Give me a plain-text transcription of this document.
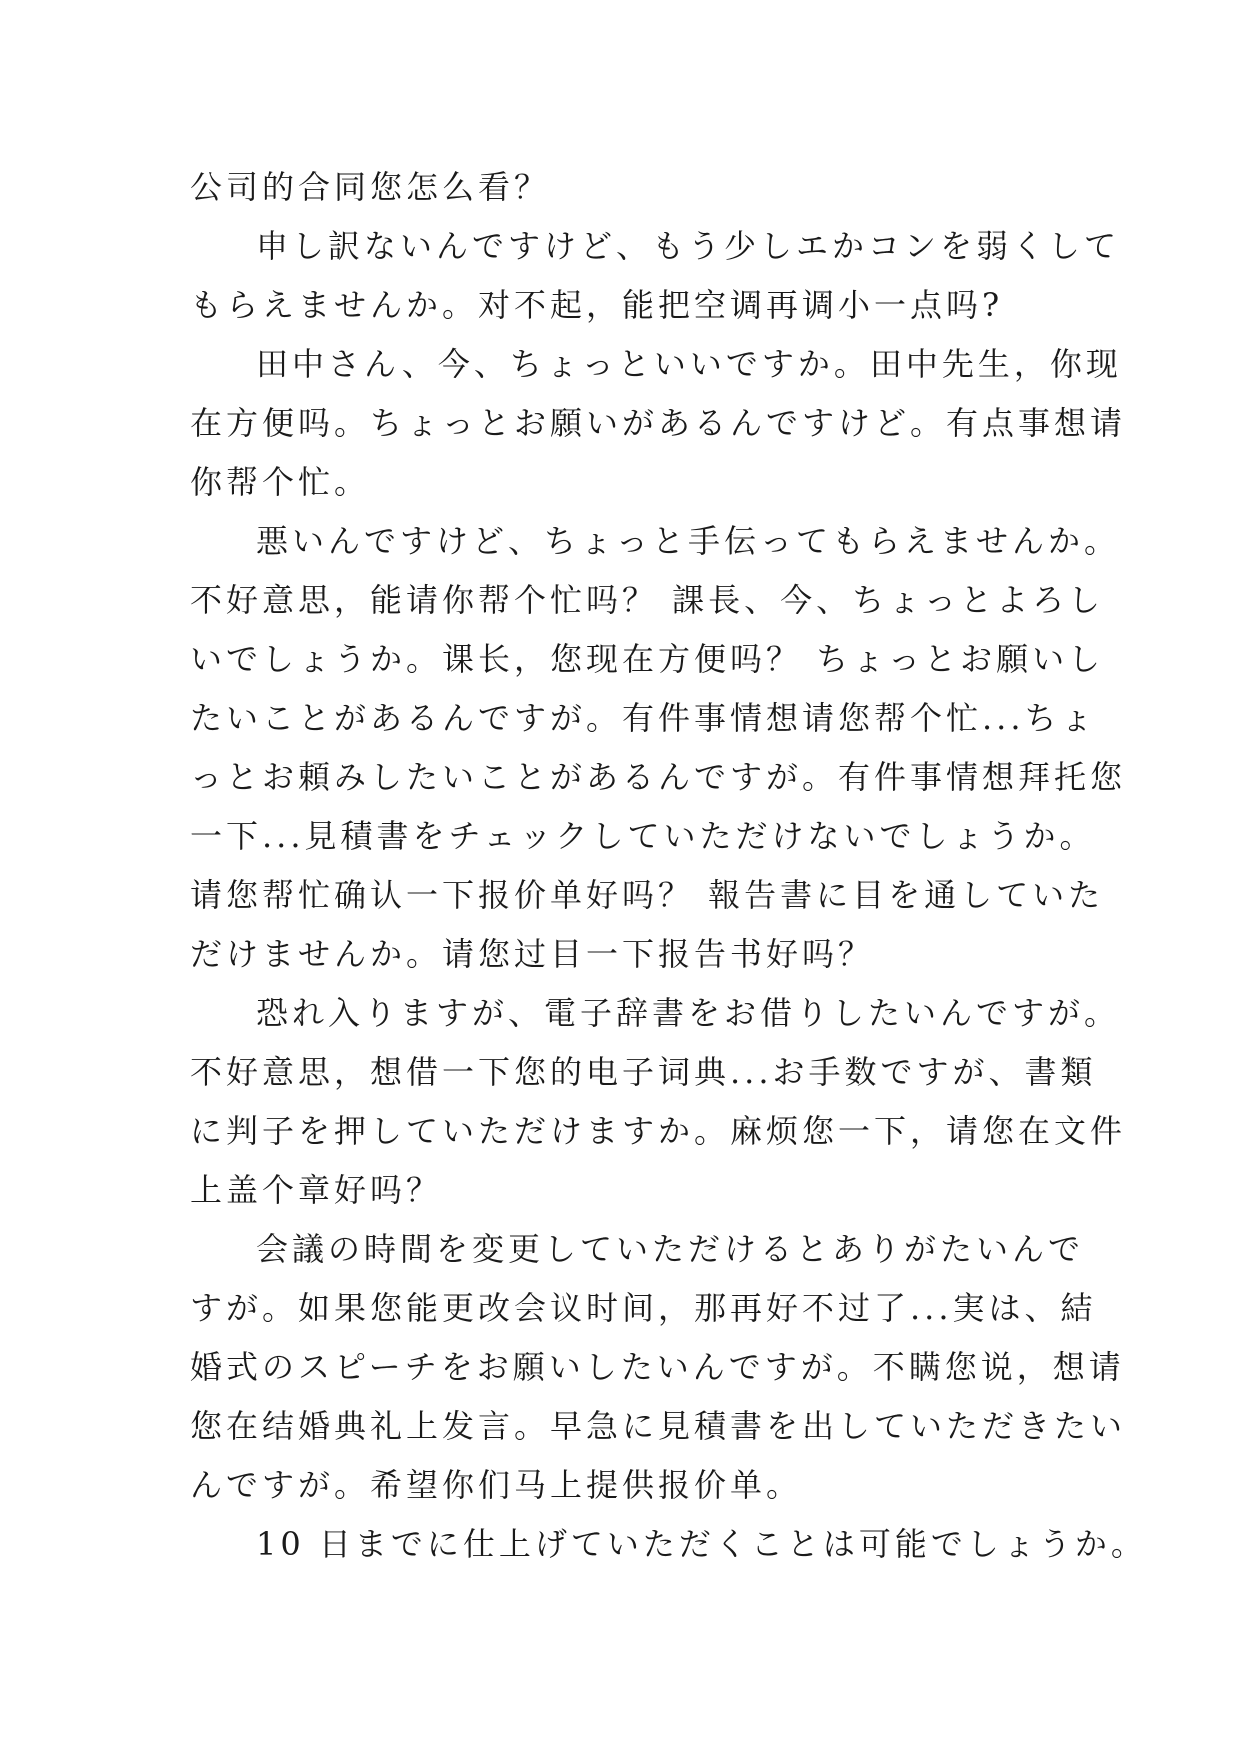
公司的合同您怎么看？
申し訳ないんですけど、もう少しエかコンを弱くして
もらえませんか。对不起，能把空调再调小一点吗?
田中さん、今、ちょっといいですか。田中先生，你现
在方便吗。ちょっとお願いがあるんですけど。有点事想请
你帮个忙。
悪いんですけど、ちょっと手伝ってもらえませんか。
不好意思，能请你帮个忙吗？ 課長、今、ちょっとよろし
いでしょうか。课长，您现在方便吗？ ちょっとお願いし
たいことがあるんですが。有件事情想请您帮个忙...ちょ
っとお頼みしたいことがあるんですが。有件事情想拜托您
一下...見積書をチェックしていただけないでしょうか。
请您帮忙确认一下报价单好吗？ 報告書に目を通していた
だけませんか。请您过目一下报告书好吗？
恐れ入りますが、電子辞書をお借りしたいんですが。
不好意思，想借一下您的电子词典...お手数ですが、書類
に判子を押していただけますか。麻烦您一下，请您在文件
上盖个章好吗？
会議の時間を変更していただけるとありがたいんで
すが。如果您能更改会议时间，那再好不过了...実は、結
婚式のスピーチをお願いしたいんですが。不瞒您说，想请
您在结婚典礼上发言。早急に見積書を出していただきたい
んですが。希望你们马上提供报价单。
10 日までに仕上げていただくことは可能でしょうか。
